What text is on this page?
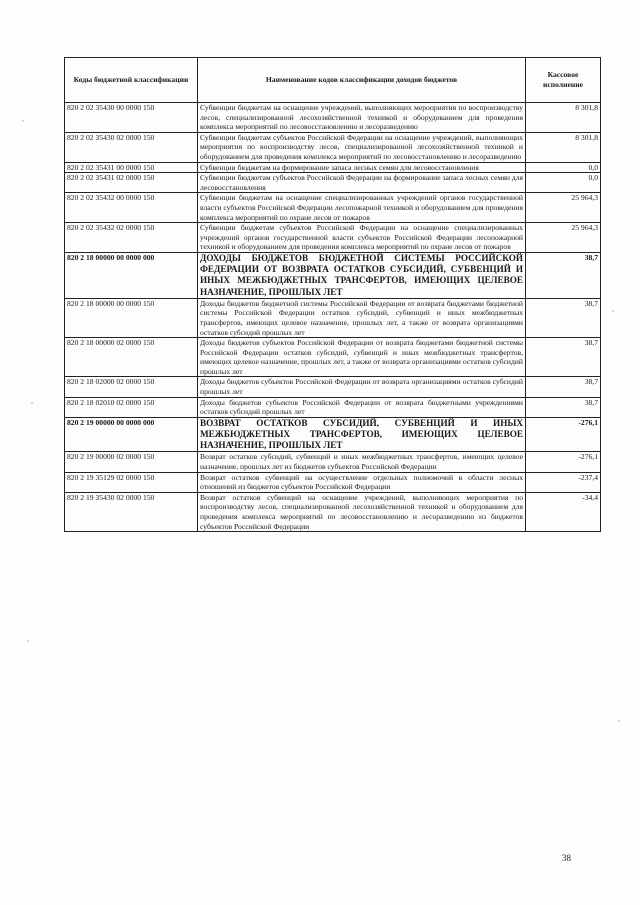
Коды бюджетной классификации	Наименование кодов классификации доходов бюджетов	Кассовое исполнение
820 2 02 35430 00 0000 150	Субвенции бюджетам на оснащение учреждений, выполняющих мероприятия по воспроизводству лесов, специализированной лесохозяйственной техникой и оборудованием для проведения комплекса мероприятий по лесовосстановлению и лесоразведению	8 301,8
820 2 02 35430 02 0000 150	Субвенции бюджетам субъектов Российской Федерации на оснащение учреждений, выполняющих мероприятия по воспроизводству лесов, специализированной лесохозяйственной техникой и оборудованием для проведения комплекса мероприятий по лесовосстановлению и лесоразведению	8 301,8
820 2 02 35431 00 0000 150	Субвенции бюджетам на формирование запаса лесных семян для лесовосстановления	0,0
820 2 02 35431 02 0000 150	Субвенции бюджетам субъектов Российской Федерации на формирование запаса лесных семян для лесовосстановления	0,0
820 2 02 35432 00 0000 150	Субвенции бюджетам на оснащение специализированных учреждений органов государственной власти субъектов Российской Федерации лесопожарной техникой и оборудованием для проведения комплекса мероприятий по охране лесов от пожаров	25 964,3
820 2 02 35432 02 0000 150	Субвенции бюджетам субъектов Российской Федерации на оснащение специализированных учреждений органов государственной власти субъектов Российской Федерации лесопожарной техникой и оборудованием для проведения комплекса мероприятий по охране лесов от пожаров	25 964,3
820 2 18 00000 00 0000 000	ДОХОДЫ БЮДЖЕТОВ БЮДЖЕТНОЙ СИСТЕМЫ РОССИЙСКОЙ ФЕДЕРАЦИИ ОТ ВОЗВРАТА ОСТАТКОВ СУБСИДИЙ, СУБВЕНЦИЙ И ИНЫХ МЕЖБЮДЖЕТНЫХ ТРАНСФЕРТОВ, ИМЕЮЩИХ ЦЕЛЕВОЕ НАЗНАЧЕНИЕ, ПРОШЛЫХ ЛЕТ	38,7
820 2 18 00000 00 0000 150	Доходы бюджетов бюджетной системы Российской Федерации от возврата бюджетами бюджетной системы Российской Федерации остатков субсидий, субвенций и иных межбюджетных трансфертов, имеющих целевое назначение, прошлых лет, а также от возврата организациями остатков субсидий прошлых лет	38,7
820 2 18 00000 02 0000 150	Доходы бюджетов субъектов Российской Федерации от возврата бюджетами бюджетной системы Российской Федерации остатков субсидий, субвенций и иных межбюджетных трансфертов, имеющих целевое назначение, прошлых лет, а также от возврата организациями остатков субсидий прошлых лет	38,7
820 2 18 02000 02 0000 150	Доходы бюджетов субъектов Российской Федерации от возврата организациями остатков субсидий прошлых лет	38,7
820 2 18 02010 02 0000 150	Доходы бюджетов субъектов Российской Федерации от возврата бюджетными учреждениями остатков субсидий прошлых лет	38,7
820 2 19 00000 00 0000 000	ВОЗВРАТ ОСТАТКОВ СУБСИДИЙ, СУБВЕНЦИЙ И ИНЫХ МЕЖБЮДЖЕТНЫХ ТРАНСФЕРТОВ, ИМЕЮЩИХ ЦЕЛЕВОЕ НАЗНАЧЕНИЕ, ПРОШЛЫХ ЛЕТ	-276,1
820 2 19 00000 02 0000 150	Возврат остатков субсидий, субвенций и иных межбюджетных трансфертов, имеющих целевое назначение, прошлых лет из бюджетов субъектов Российской Федерации	-276,1
820 2 19 35129 02 0000 150	Возврат остатков субвенций на осуществление отдельных полномочий в области лесных отношений из бюджетов субъектов Российской Федерации	-237,4
820 2 19 35430 02 0000 150	Возврат остатков субвенций на оснащение учреждений, выполняющих мероприятия по воспроизводству лесов, специализированной лесохозяйственной техникой и оборудованием для проведения комплекса мероприятий по лесовосстановлению и лесоразведению из бюджетов субъектов Российской Федерации	-34,4
38
